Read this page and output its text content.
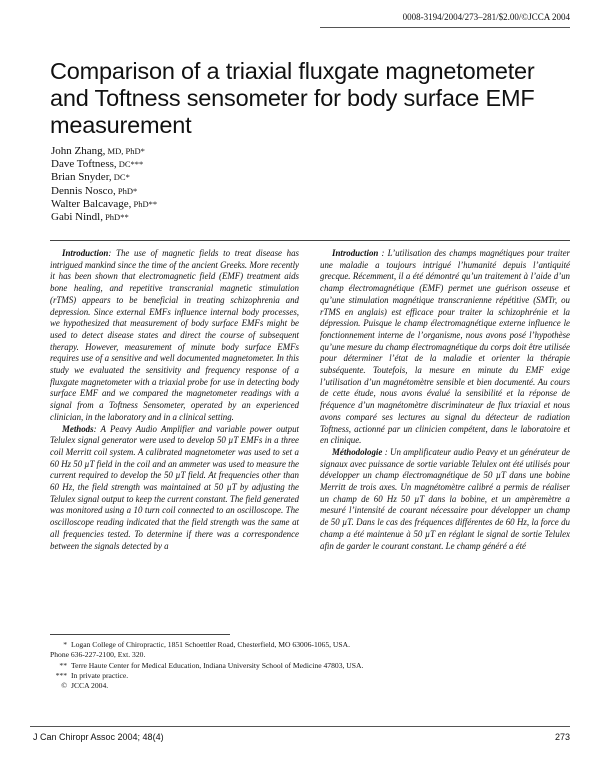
0008-3194/2004/273–281/$2.00/©JCCA 2004
Comparison of a triaxial fluxgate magnetometer and Toftness sensometer for body surface EMF measurement
John Zhang, MD, PhD*
Dave Toftness, DC***
Brian Snyder, DC*
Dennis Nosco, PhD*
Walter Balcavage, PhD**
Gabi Nindl, PhD**

Introduction: The use of magnetic fields to treat disease has intrigued mankind since the time of the ancient Greeks. More recently it has been shown that electromagnetic field (EMF) treatment aids bone healing, and repetitive transcranial magnetic stimulation (rTMS) appears to be beneficial in treating schizophrenia and depression. Since external EMFs influence internal body processes, we hypothesized that measurement of body surface EMFs might be used to detect disease states and direct the course of subsequent therapy. However, measurement of minute body surface EMFs requires use of a sensitive and well documented magnetometer. In this study we evaluated the sensitivity and frequency response of a fluxgate magnetometer with a triaxial probe for use in detecting body surface EMF and we compared the magnetometer readings with a signal from a Toftness Sensometer, operated by an experienced clinician, in the laboratory and in a clinical setting.

Methods: A Peavy Audio Amplifier and variable power output Telulex signal generator were used to develop 50 µT EMFs in a three coil Merritt coil system. A calibrated magnetometer was used to set a 60 Hz 50 µT field in the coil and an ammeter was used to measure the current required to develop the 50 µT field. At frequencies other than 60 Hz, the field strength was maintained at 50 µT by adjusting the Telulex signal output to keep the current constant. The field generated was monitored using a 10 turn coil connected to an oscilloscope. The oscilloscope reading indicated that the field strength was the same at all frequencies tested. To determine if there was a correspondence between the signals detected by a

Introduction : L’utilisation des champs magnétiques pour traiter une maladie a toujours intrigué l’humanité depuis l’antiquité grecque. Récemment, il a été démontré qu’un traitement à l’aide d’un champ électromagnétique (EMF) permet une guérison osseuse et qu’une stimulation magnétique transcranienne répétitive (SMTr, ou rTMS en anglais) est efficace pour traiter la schizophrénie et la dépression. Puisque le champ électromagnétique externe influence le fonctionnement interne de l’organisme, nous avons posé l’hypothèse qu’une mesure du champ électromagnétique du corps doit être utilisée pour déterminer l’état de la maladie et orienter la thérapie subséquente. Toutefois, la mesure en minute du EMF exige l’utilisation d’un magnétomètre sensible et bien documenté. Au cours de cette étude, nous avons évalué la sensibilité et la réponse de fréquence d’un magnétomètre discriminateur de flux triaxial et nous avons comparé ses lectures au signal du détecteur de radiation Toftness, actionné par un clinicien compétent, dans le laboratoire et en clinique.

Méthodologie : Un amplificateur audio Peavy et un générateur de signaux avec puissance de sortie variable Telulex ont été utilisés pour développer un champ électromagnétique de 50 µT dans une bobine Merritt de trois axes. Un magnétomètre calibré a permis de réaliser un champ de 60 Hz 50 µT dans la bobine, et un ampèremètre a mesuré l’intensité de courant nécessaire pour développer un champ de 50 µT. Dans le cas des fréquences différentes de 60 Hz, la force du champ a été maintenue à 50 µT en réglant le signal de sortie Telulex afin de garder le courant constant. Le champ généré a été

* Logan College of Chiropractic, 1851 Schoettler Road, Chesterfield, MO 63006-1065, USA.
Phone 636-227-2100, Ext. 320.
** Terre Haute Center for Medical Education, Indiana University School of Medicine 47803, USA.
*** In private practice.
© JCCA 2004.
J Can Chiropr Assoc 2004; 48(4)	273
